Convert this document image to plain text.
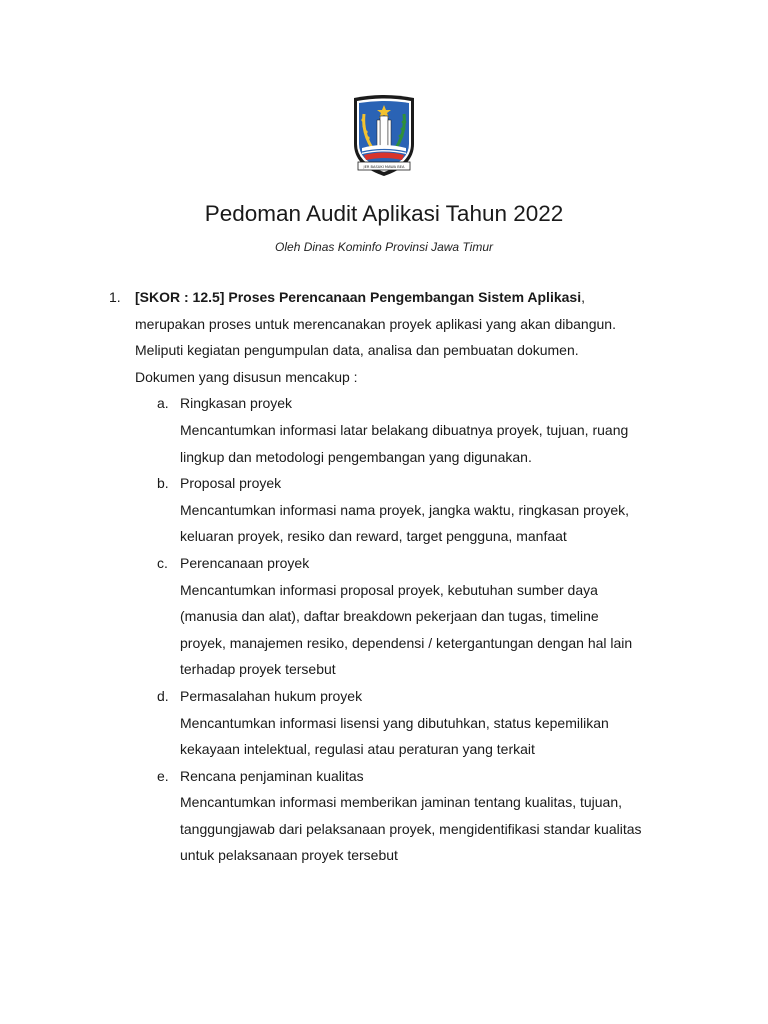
JER BASUKI MAWA BEA
Pedoman Audit Aplikasi Tahun 2022
Oleh Dinas Kominfo Provinsi Jawa Timur
1.	[SKOR : 12.5] Proses Perencanaan Pengembangan Sistem Aplikasi,

merupakan proses untuk merencanakan proyek aplikasi yang akan dibangun.

Meliputi kegiatan pengumpulan data, analisa dan pembuatan dokumen.

Dokumen yang disusun mencakup :

a. Ringkasan proyek

Mencantumkan informasi latar belakang dibuatnya proyek, tujuan, ruang

lingkup dan metodologi pengembangan yang digunakan.

b. Proposal proyek

Mencantumkan informasi nama proyek, jangka waktu, ringkasan proyek,

keluaran proyek, resiko dan reward, target pengguna, manfaat

c. Perencanaan proyek

Mencantumkan informasi proposal proyek, kebutuhan sumber daya

(manusia dan alat), daftar breakdown pekerjaan dan tugas, timeline

proyek, manajemen resiko, dependensi / ketergantungan dengan hal lain

terhadap proyek tersebut

d. Permasalahan hukum proyek

Mencantumkan informasi lisensi yang dibutuhkan, status kepemilikan

kekayaan intelektual, regulasi atau peraturan yang terkait

e. Rencana penjaminan kualitas

Mencantumkan informasi memberikan jaminan tentang kualitas, tujuan,

tanggungjawab dari pelaksanaan proyek, mengidentifikasi standar kualitas

untuk pelaksanaan proyek tersebut
